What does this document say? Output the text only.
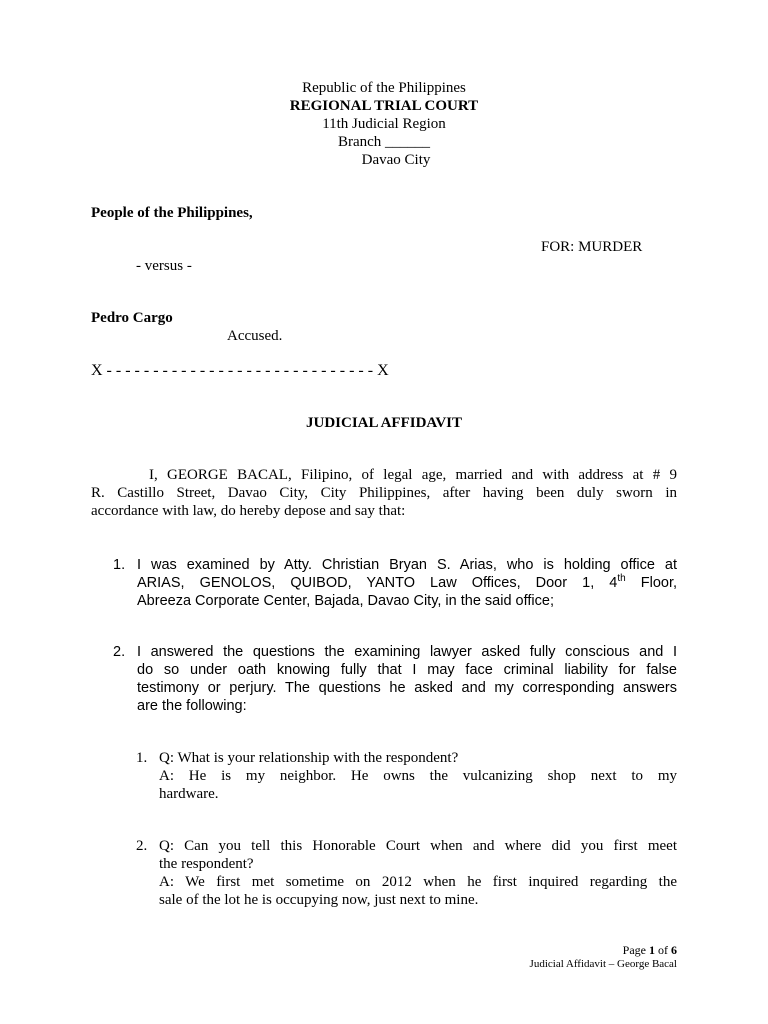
Republic of the Philippines
REGIONAL TRIAL COURT
11th Judicial Region
Branch ______
Davao City
People of the Philippines,
FOR: MURDER
- versus -
Pedro Cargo
Accused.
X - - - - - - - - - - - - - - - - - - - - - - - - - - - - - X
JUDICIAL AFFIDAVIT
I, GEORGE BACAL, Filipino, of legal age, married and with address at # 9
R. Castillo Street, Davao City, City Philippines, after having been duly sworn in
accordance with law, do hereby depose and say that:
1. I was examined by Atty. Christian Bryan S. Arias, who is holding office at
ARIAS, GENOLOS, QUIBOD, YANTO Law Offices, Door 1, 4th Floor,
Abreeza Corporate Center, Bajada, Davao City, in the said office;
2. I answered the questions the examining lawyer asked fully conscious and I
do so under oath knowing fully that I may face criminal liability for false
testimony or perjury. The questions he asked and my corresponding answers
are the following:
1. Q: What is your relationship with the respondent?
A: He is my neighbor. He owns the vulcanizing shop next to my
hardware.
2. Q: Can you tell this Honorable Court when and where did you first meet
the respondent?
A: We first met sometime on 2012 when he first inquired regarding the
sale of the lot he is occupying now, just next to mine.
Page 1 of 6
Judicial Affidavit – George Bacal
